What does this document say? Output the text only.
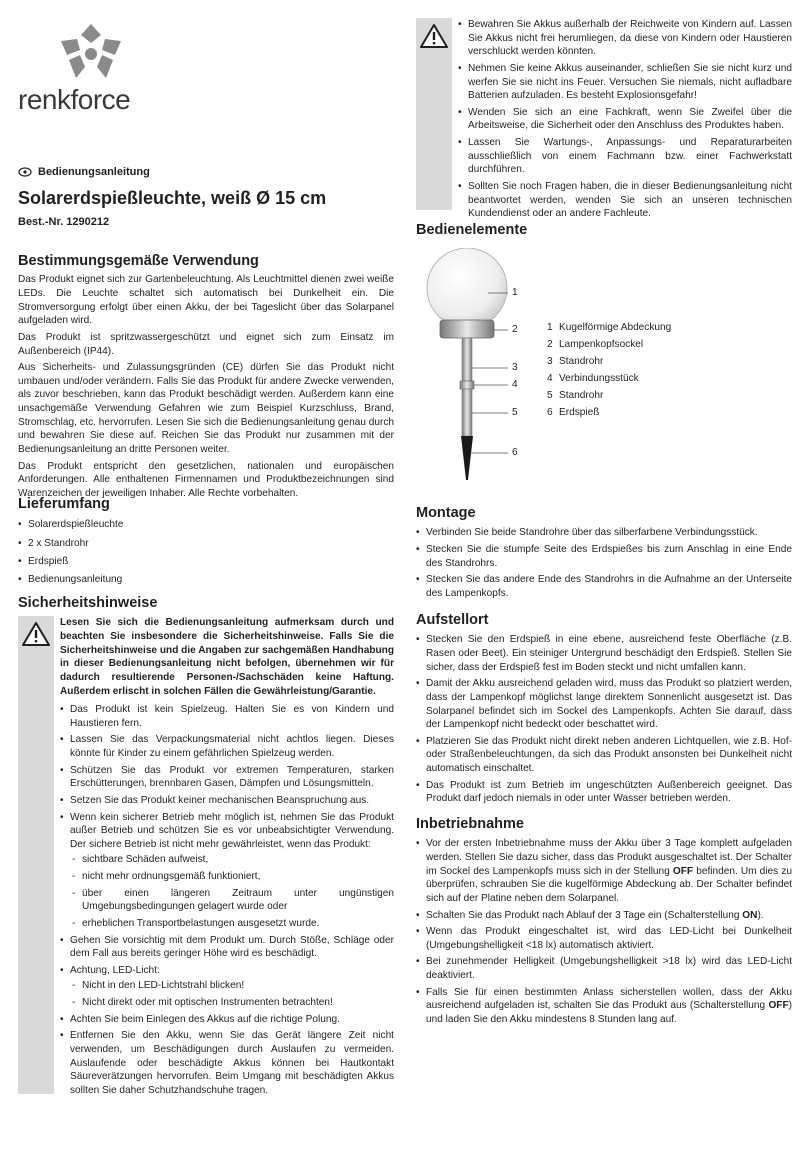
renkforce
Bedienungsanleitung
Solarerdspießleuchte, weiß Ø 15 cm
Best.-Nr. 1290212
Bestimmungsgemäße Verwendung

Das Produkt eignet sich zur Gartenbeleuchtung. Als Leuchtmittel dienen zwei weiße LEDs. Die Leuchte schaltet sich automatisch bei Dunkelheit ein. Die Stromversorgung erfolgt über einen Akku, der bei Tageslicht über das Solarpanel aufgeladen wird.

Das Produkt ist spritzwassergeschützt und eignet sich zum Einsatz im Außenbereich (IP44).

Aus Sicherheits- und Zulassungsgründen (CE) dürfen Sie das Produkt nicht umbauen und/oder verändern. Falls Sie das Produkt für andere Zwecke verwenden, als zuvor beschrieben, kann das Produkt beschädigt werden. Außerdem kann eine unsachgemäße Verwendung Gefahren wie zum Beispiel Kurzschluss, Brand, Stromschlag, etc. hervorrufen. Lesen Sie sich die Bedienungsanleitung genau durch und bewahren Sie diese auf. Reichen Sie das Produkt nur zusammen mit der Bedienungsanleitung an dritte Personen weiter.

Das Produkt entspricht den gesetzlichen, nationalen und europäischen Anforderungen. Alle enthaltenen Firmennamen und Produktbezeichnungen sind Warenzeichen der jeweiligen Inhaber. Alle Rechte vorbehalten.

Lieferumfang
• Solarerdspießleuchte
• 2 x Standrohr
• Erdspieß
• Bedienungsanleitung
Sicherheitshinweise

Lesen Sie sich die Bedienungsanleitung aufmerksam durch und beachten Sie insbesondere die Sicherheitshinweise. Falls Sie die Sicherheitshinweise und die Angaben zur sachgemäßen Handhabung in dieser Bedienungsanleitung nicht befolgen, übernehmen wir für dadurch resultierende Personen-/Sachschäden keine Haftung. Außerdem erlischt in solchen Fällen die Gewährleistung/Garantie.

• Das Produkt ist kein Spielzeug. Halten Sie es von Kindern und Haustieren fern.
• Lassen Sie das Verpackungsmaterial nicht achtlos liegen. Dieses könnte für Kinder zu einem gefährlichen Spielzeug werden.
• Schützen Sie das Produkt vor extremen Temperaturen, starken Erschütterungen, brennbaren Gasen, Dämpfen und Lösungsmitteln.
• Setzen Sie das Produkt keiner mechanischen Beanspruchung aus.
• Wenn kein sicherer Betrieb mehr möglich ist, nehmen Sie das Produkt außer Betrieb und schützen Sie es vor unbeabsichtigter Verwendung. Der sichere Betrieb ist nicht mehr gewährleistet, wenn das Produkt:
- sichtbare Schäden aufweist,
- nicht mehr ordnungsgemäß funktioniert,
- über einen längeren Zeitraum unter ungünstigen Umgebungsbedingungen gelagert wurde oder
- erheblichen Transportbelastungen ausgesetzt wurde.
• Gehen Sie vorsichtig mit dem Produkt um. Durch Stöße, Schläge oder dem Fall aus bereits geringer Höhe wird es beschädigt.
• Achtung, LED-Licht:
- Nicht in den LED-Lichtstrahl blicken!
- Nicht direkt oder mit optischen Instrumenten betrachten!
• Achten Sie beim Einlegen des Akkus auf die richtige Polung.
• Entfernen Sie den Akku, wenn Sie das Gerät längere Zeit nicht verwenden, um Beschädigungen durch Auslaufen zu vermeiden. Auslaufende oder beschädigte Akkus können bei Hautkontakt Säureverätzungen hervorrufen. Beim Umgang mit beschädigten Akkus sollten Sie daher Schutzhandschuhe tragen.
• Bewahren Sie Akkus außerhalb der Reichweite von Kindern auf. Lassen Sie Akkus nicht frei herumliegen, da diese von Kindern oder Haustieren verschluckt werden könnten.
• Nehmen Sie keine Akkus auseinander, schließen Sie sie nicht kurz und werfen Sie sie nicht ins Feuer. Versuchen Sie niemals, nicht aufladbare Batterien aufzuladen. Es besteht Explosionsgefahr!
• Wenden Sie sich an eine Fachkraft, wenn Sie Zweifel über die Arbeitsweise, die Sicherheit oder den Anschluss des Produktes haben.
• Lassen Sie Wartungs-, Anpassungs- und Reparaturarbeiten ausschließlich von einem Fachmann bzw. einer Fachwerkstatt durchführen.
• Sollten Sie noch Fragen haben, die in dieser Bedienungsanleitung nicht beantwortet werden, wenden Sie sich an unseren technischen Kundendienst oder an andere Fachleute.
Bedienelemente
1
2
3
4
5
6
1 Kugelförmige Abdeckung
2 Lampenkopfsockel
3 Standrohr
4 Verbindungsstück
5 Standrohr
6 Erdspieß
Montage
• Verbinden Sie beide Standrohre über das silberfarbene Verbindungsstück.
• Stecken Sie die stumpfe Seite des Erdspießes bis zum Anschlag in eine Ende des Standrohrs.
• Stecken Sie das andere Ende des Standrohrs in die Aufnahme an der Unterseite des Lampenkopfs.
Aufstellort
• Stecken Sie den Erdspieß in eine ebene, ausreichend feste Oberfläche (z.B. Rasen oder Beet). Ein steiniger Untergrund beschädigt den Erdspieß. Stellen Sie sicher, dass der Erdspieß fest im Boden steckt und nicht umfallen kann.
• Damit der Akku ausreichend geladen wird, muss das Produkt so platziert werden, dass der Lampenkopf möglichst lange direktem Sonnenlicht ausgesetzt ist. Das Solarpanel befindet sich im Sockel des Lampenkopfs. Achten Sie darauf, dass der Lampenkopf nicht bedeckt oder beschattet wird.
• Platzieren Sie das Produkt nicht direkt neben anderen Lichtquellen, wie z.B. Hof- oder Straßenbeleuchtungen, da sich das Produkt ansonsten bei Dunkelheit nicht automatisch einschaltet.
• Das Produkt ist zum Betrieb im ungeschützten Außenbereich geeignet. Das Produkt darf jedoch niemals in oder unter Wasser betrieben werden.
Inbetriebnahme
• Vor der ersten Inbetriebnahme muss der Akku über 3 Tage komplett aufgeladen werden. Stellen Sie dazu sicher, dass das Produkt ausgeschaltet ist. Der Schalter im Sockel des Lampenkopfs muss sich in der Stellung OFF befinden. Um dies zu überprüfen, schrauben Sie die kugelförmige Abdeckung ab. Der Schalter befindet sich auf der Platine neben dem Solarpanel.
• Schalten Sie das Produkt nach Ablauf der 3 Tage ein (Schalterstellung ON).
• Wenn das Produkt eingeschaltet ist, wird das LED-Licht bei Dunkelheit (Umgebungshelligkeit <18 lx) automatisch aktiviert.
• Bei zunehmender Helligkeit (Umgebungshelligkeit >18 lx) wird das LED-Licht deaktiviert.
• Falls Sie für einen bestimmten Anlass sicherstellen wollen, dass der Akku ausreichend aufgeladen ist, schalten Sie das Produkt aus (Schalterstellung OFF) und laden Sie den Akku mindestens 8 Stunden lang auf.
